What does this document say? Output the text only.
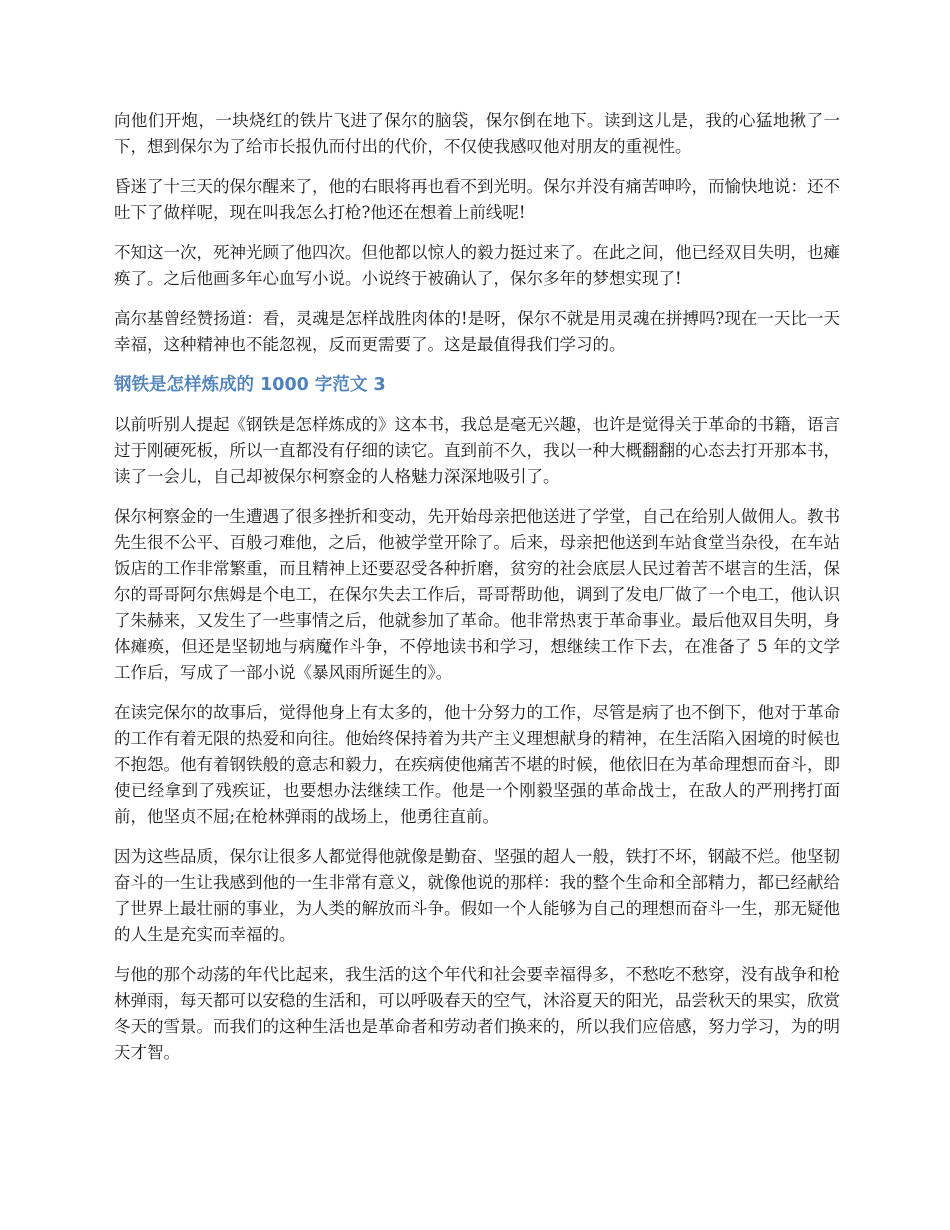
向他们开炮，一块烧红的铁片飞进了保尔的脑袋，保尔倒在地下。读到这儿是，我的心猛地揪了一下，想到保尔为了给市长报仇而付出的代价，不仅使我感叹他对朋友的重视性。

昏迷了十三天的保尔醒来了，他的右眼将再也看不到光明。保尔并没有痛苦呻吟，而愉快地说：还不吐下了做样呢，现在叫我怎么打枪?他还在想着上前线呢!

不知这一次，死神光顾了他四次。但他都以惊人的毅力挺过来了。在此之间，他已经双目失明，也瘫痪了。之后他画多年心血写小说。小说终于被确认了，保尔多年的梦想实现了!

高尔基曾经赞扬道：看，灵魂是怎样战胜肉体的!是呀，保尔不就是用灵魂在拼搏吗?现在一天比一天幸福，这种精神也不能忽视，反而更需要了。这是最值得我们学习的。

钢铁是怎样炼成的 1000 字范文 3

以前听别人提起《钢铁是怎样炼成的》这本书，我总是毫无兴趣，也许是觉得关于革命的书籍，语言过于刚硬死板，所以一直都没有仔细的读它。直到前不久，我以一种大概翻翻的心态去打开那本书，读了一会儿，自己却被保尔柯察金的人格魅力深深地吸引了。

保尔柯察金的一生遭遇了很多挫折和变动，先开始母亲把他送进了学堂，自己在给别人做佣人。教书先生很不公平、百般刁难他，之后，他被学堂开除了。后来，母亲把他送到车站食堂当杂役，在车站饭店的工作非常繁重，而且精神上还要忍受各种折磨，贫穷的社会底层人民过着苦不堪言的生活，保尔的哥哥阿尔焦姆是个电工，在保尔失去工作后，哥哥帮助他，调到了发电厂做了一个电工，他认识了朱赫来，又发生了一些事情之后，他就参加了革命。他非常热衷于革命事业。最后他双目失明，身体瘫痪，但还是坚韧地与病魔作斗争，不停地读书和学习，想继续工作下去，在准备了 5 年的文学工作后，写成了一部小说《暴风雨所诞生的》。

在读完保尔的故事后，觉得他身上有太多的，他十分努力的工作，尽管是病了也不倒下，他对于革命的工作有着无限的热爱和向往。他始终保持着为共产主义理想献身的精神，在生活陷入困境的时候也不抱怨。他有着钢铁般的意志和毅力，在疾病使他痛苦不堪的时候，他依旧在为革命理想而奋斗，即使已经拿到了残疾证，也要想办法继续工作。他是一个刚毅坚强的革命战士，在敌人的严刑拷打面前，他坚贞不屈;在枪林弹雨的战场上，他勇往直前。

因为这些品质，保尔让很多人都觉得他就像是勤奋、坚强的超人一般，铁打不坏，钢敲不烂。他坚韧奋斗的一生让我感到他的一生非常有意义，就像他说的那样：我的整个生命和全部精力，都已经献给了世界上最壮丽的事业，为人类的解放而斗争。假如一个人能够为自己的理想而奋斗一生，那无疑他的人生是充实而幸福的。

与他的那个动荡的年代比起来，我生活的这个年代和社会要幸福得多，不愁吃不愁穿，没有战争和枪林弹雨，每天都可以安稳的生活和，可以呼吸春天的空气，沐浴夏天的阳光，品尝秋天的果实，欣赏冬天的雪景。而我们的这种生活也是革命者和劳动者们换来的，所以我们应倍感，努力学习，为的明天才智。
